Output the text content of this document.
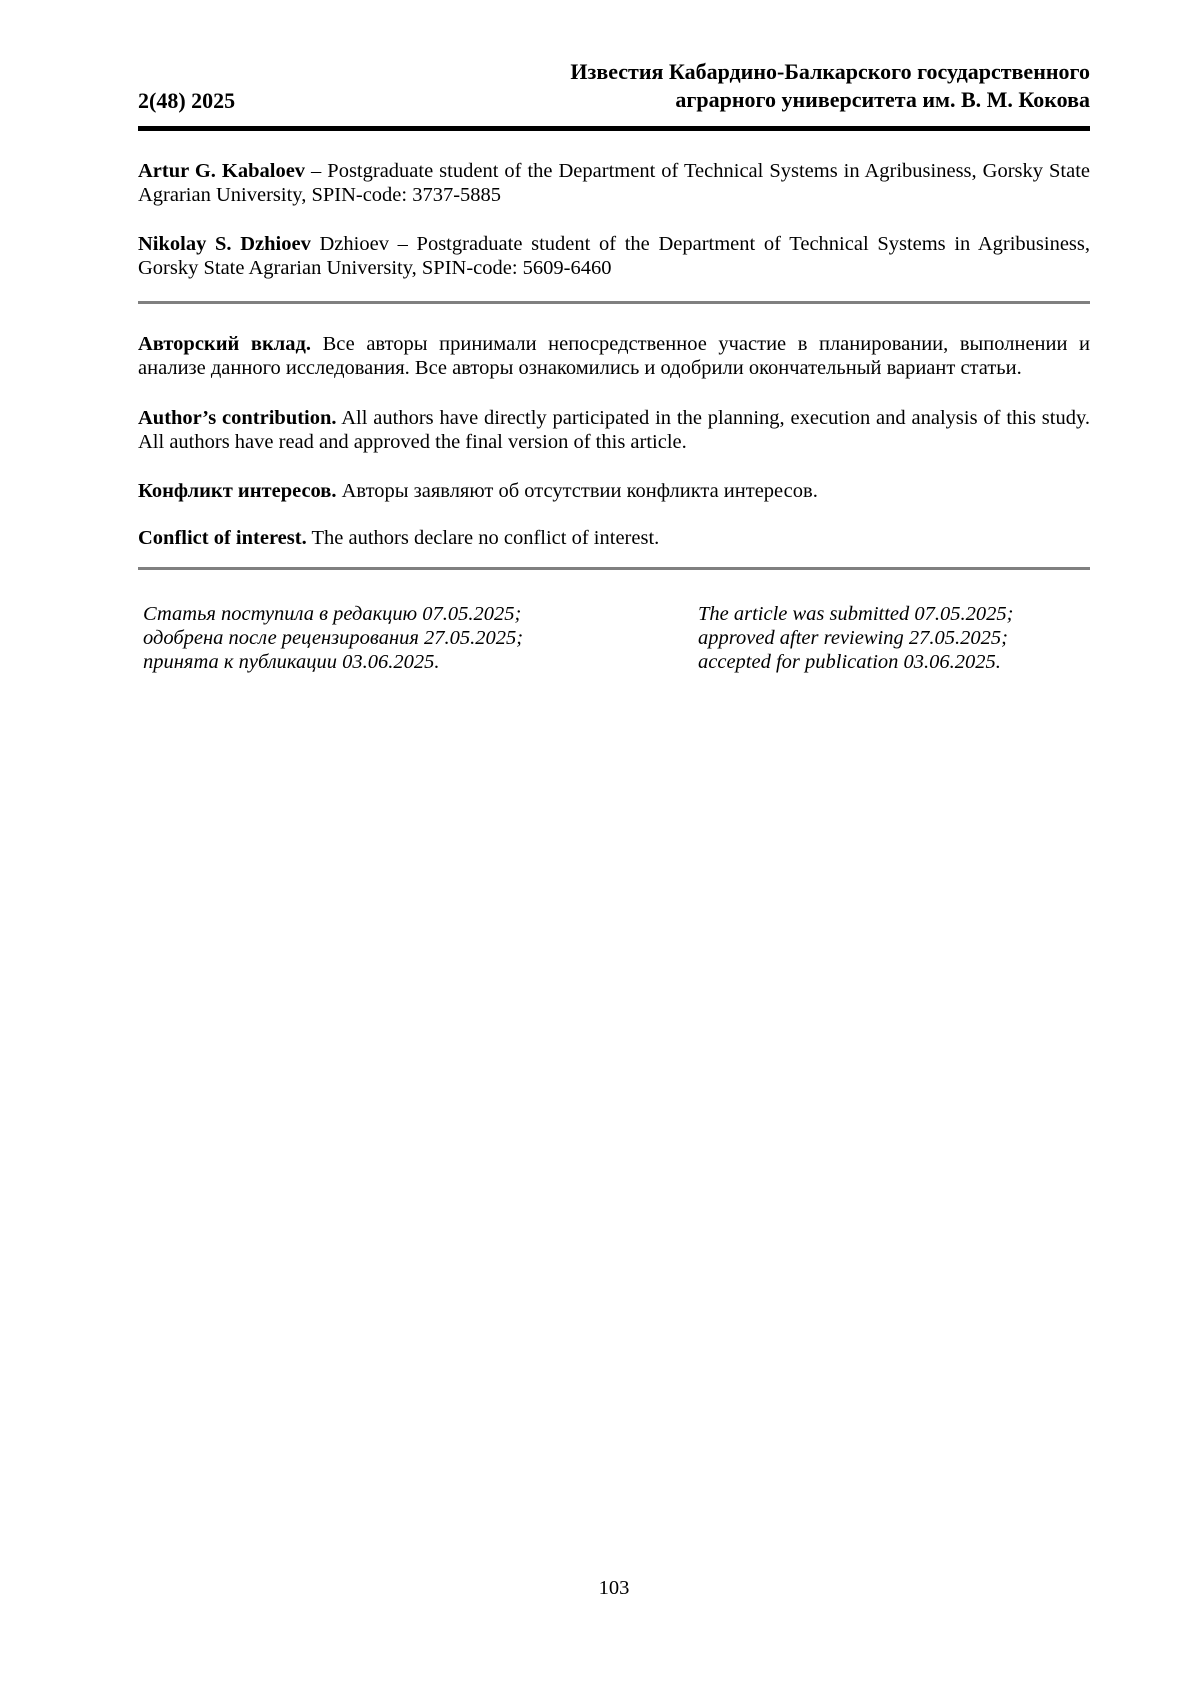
2(48) 2025
Известия Кабардино-Балкарского государственного
аграрного университета им. В. М. Кокова

Artur G. Kabaloev – Postgraduate student of the Department of Technical Systems in Agribusiness, Gorsky State Agrarian University, SPIN-code: 3737-5885

Nikolay S. Dzhioev Dzhioev – Postgraduate student of the Department of Technical Systems in Agribusiness, Gorsky State Agrarian University, SPIN-code: 5609-6460

Авторский вклад. Все авторы принимали непосредственное участие в планировании, выполнении и анализе данного исследования. Все авторы ознакомились и одобрили окончательный вариант статьи.

Author’s contribution. All authors have directly participated in the planning, execution and analysis of this study. All authors have read and approved the final version of this article.

Конфликт интересов. Авторы заявляют об отсутствии конфликта интересов.

Conflict of interest. The authors declare no conflict of interest.

Статья поступила в редакцию 07.05.2025;
одобрена после рецензирования 27.05.2025;
принята к публикации 03.06.2025.
The article was submitted 07.05.2025;
approved after reviewing 27.05.2025;
accepted for publication 03.06.2025.
103
